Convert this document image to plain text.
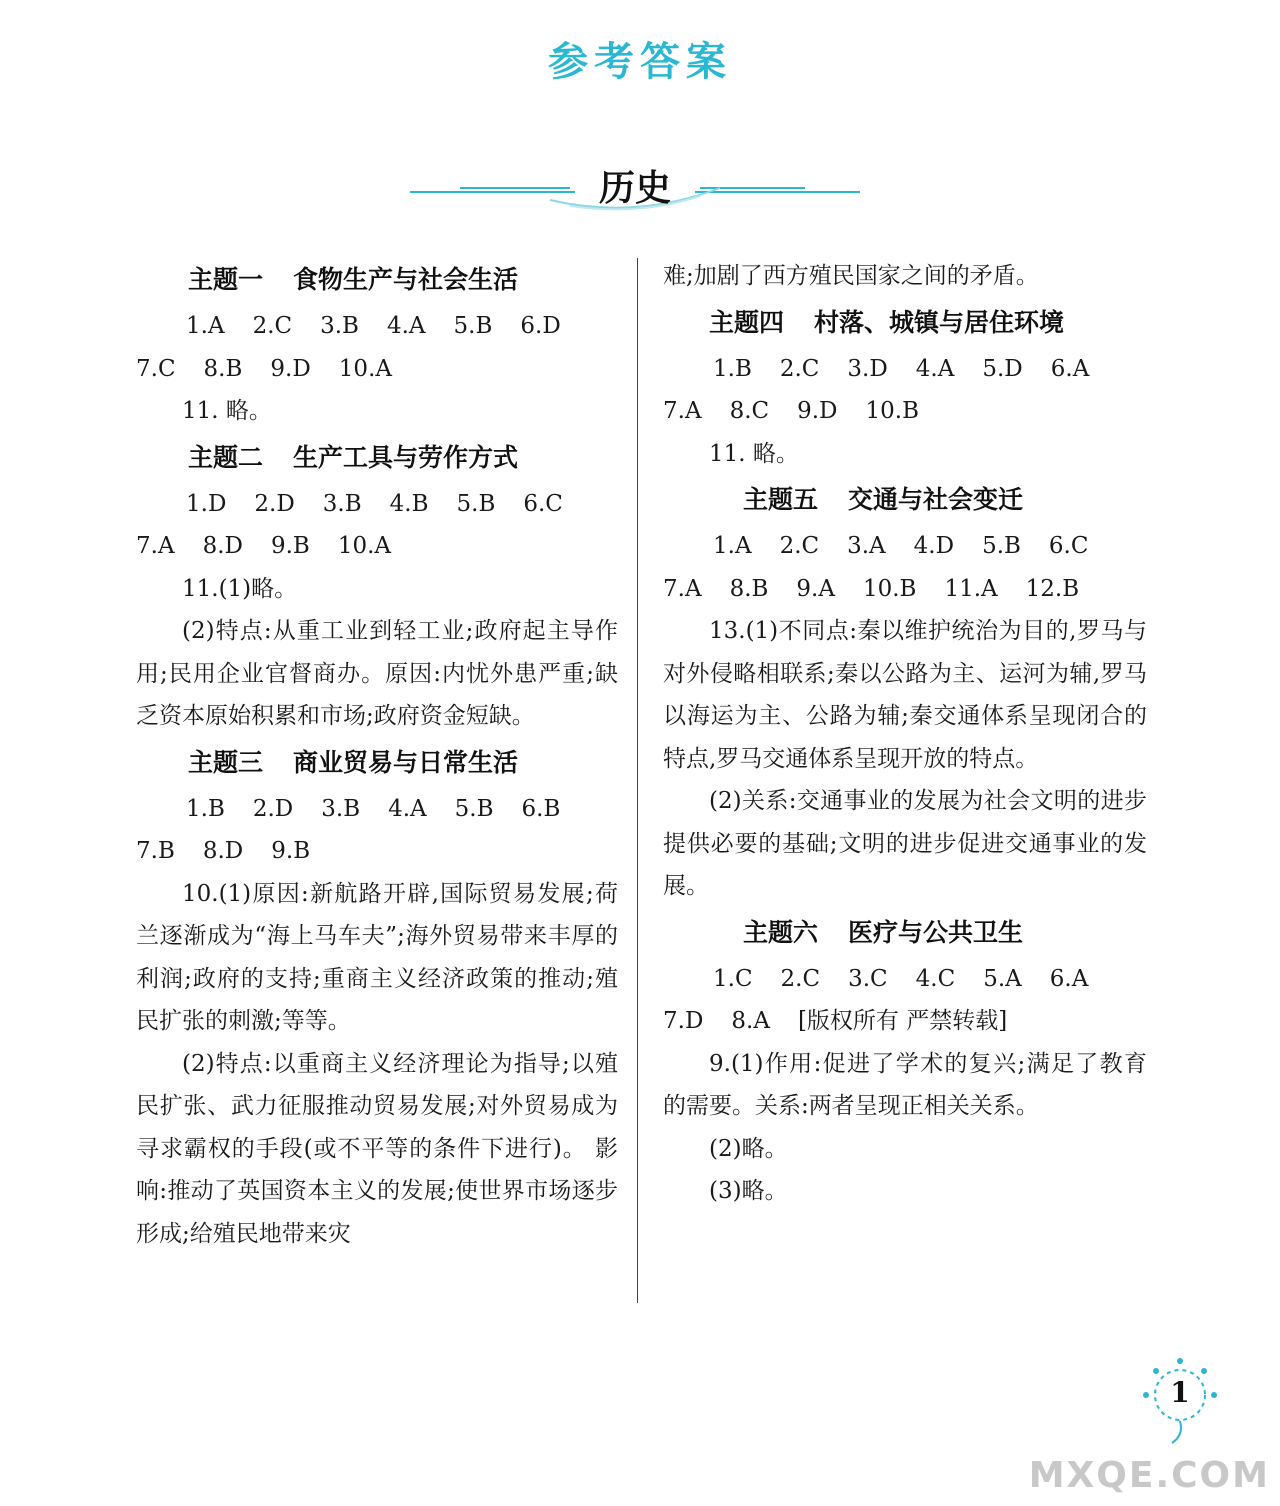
参考答案
历史
主题一 食物生产与社会生活
1.A 2.C 3.B 4.A 5.B 6.D
7.C 8.B 9.D 10.A
11. 略。
主题二 生产工具与劳作方式
1.D 2.D 3.B 4.B 5.B 6.C
7.A 8.D 9.B 10.A
11.(1)略。
(2)特点:从重工业到轻工业;政府起主导作用;民用企业官督商办。原因:内忧外患严重;缺乏资本原始积累和市场;政府资金短缺。
主题三 商业贸易与日常生活
1.B 2.D 3.B 4.A 5.B 6.B
7.B 8.D 9.B
10.(1)原因:新航路开辟,国际贸易发展;荷兰逐渐成为“海上马车夫”;海外贸易带来丰厚的利润;政府的支持;重商主义经济政策的推动;殖民扩张的刺激;等等。
(2)特点:以重商主义经济理论为指导;以殖民扩张、武力征服推动贸易发展;对外贸易成为寻求霸权的手段(或不平等的条件下进行)。 影响:推动了英国资本主义的发展;使世界市场逐步形成;给殖民地带来灾
难;加剧了西方殖民国家之间的矛盾。
主题四 村落、城镇与居住环境
1.B 2.C 3.D 4.A 5.D 6.A
7.A 8.C 9.D 10.B
11. 略。
主题五 交通与社会变迁
1.A 2.C 3.A 4.D 5.B 6.C
7.A 8.B 9.A 10.B 11.A 12.B
13.(1)不同点:秦以维护统治为目的,罗马与对外侵略相联系;秦以公路为主、运河为辅,罗马以海运为主、公路为辅;秦交通体系呈现闭合的特点,罗马交通体系呈现开放的特点。
(2)关系:交通事业的发展为社会文明的进步提供必要的基础;文明的进步促进交通事业的发展。
主题六 医疗与公共卫生
1.C 2.C 3.C 4.C 5.A 6.A
7.D 8.A [版权所有 严禁转载]
9.(1)作用:促进了学术的复兴;满足了教育的需要。关系:两者呈现正相关关系。
(2)略。
(3)略。
1
MXQE.COM
